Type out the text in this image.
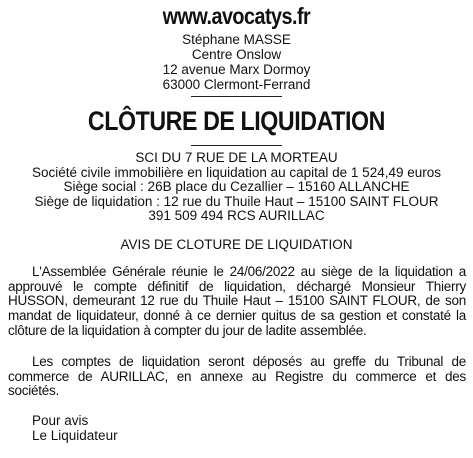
www.avocatys.fr
Stéphane MASSE
Centre Onslow
12 avenue Marx Dormoy
63000 Clermont-Ferrand
CLÔTURE DE LIQUIDATION
SCI DU 7 RUE DE LA MORTEAU
Société civile immobilière en liquidation au capital de 1 524,49 euros
Siège social : 26B place du Cezallier – 15160 ALLANCHE
Siège de liquidation : 12 rue du Thuile Haut – 15100 SAINT FLOUR
391 509 494 RCS AURILLAC
AVIS DE CLOTURE DE LIQUIDATION
L'Assemblée Générale réunie le 24/06/2022 au siège de la liquidation a approuvé le compte définitif de liquidation, déchargé Monsieur Thierry HUSSON, demeurant 12 rue du Thuile Haut – 15100 SAINT FLOUR, de son mandat de liquidateur, donné à ce dernier quitus de sa gestion et constaté la clôture de la liquidation à compter du jour de ladite assemblée.
Les comptes de liquidation seront déposés au greffe du Tribunal de commerce de AURILLAC, en annexe au Registre du commerce et des sociétés.
Pour avis
Le Liquidateur
